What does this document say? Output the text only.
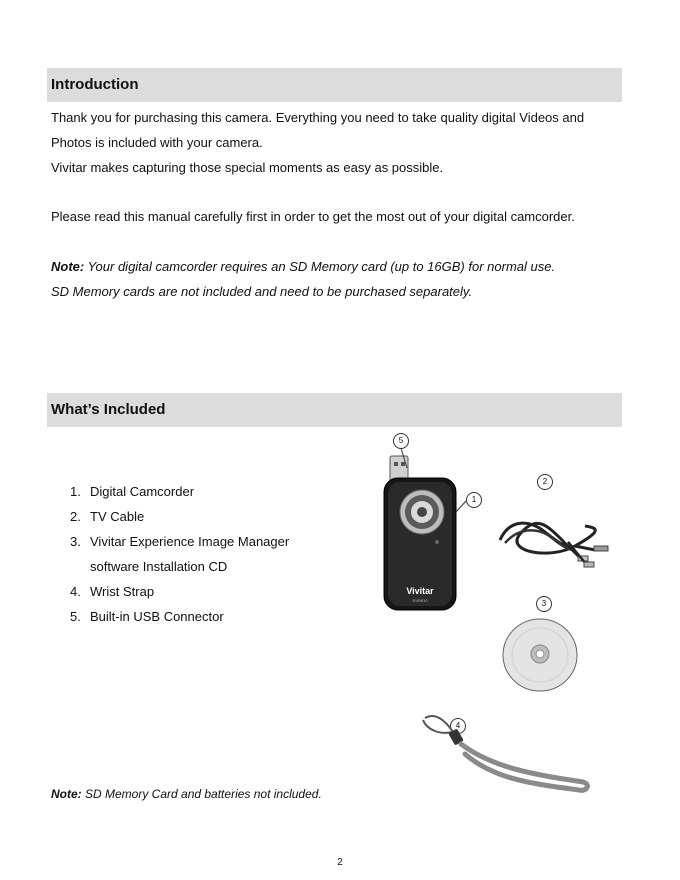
Introduction
Thank you for purchasing this camera. Everything you need to take quality digital Videos and
Photos is included with your camera.
Vivitar makes capturing those special moments as easy as possible.
Please read this manual carefully first in order to get the most out of your digital camcorder.
Note: Your digital camcorder requires an SD Memory card (up to 16GB) for normal use.
SD Memory cards are not included and need to be purchased separately.
What’s Included
1. Digital Camcorder
2. TV Cable
3. Vivitar Experience Image Manager
software Installation CD
4. Wrist Strap
5. Built-in USB Connector
Vivitar
DVR610
5
1
2
3
4
Note: SD Memory Card and batteries not included.
2
